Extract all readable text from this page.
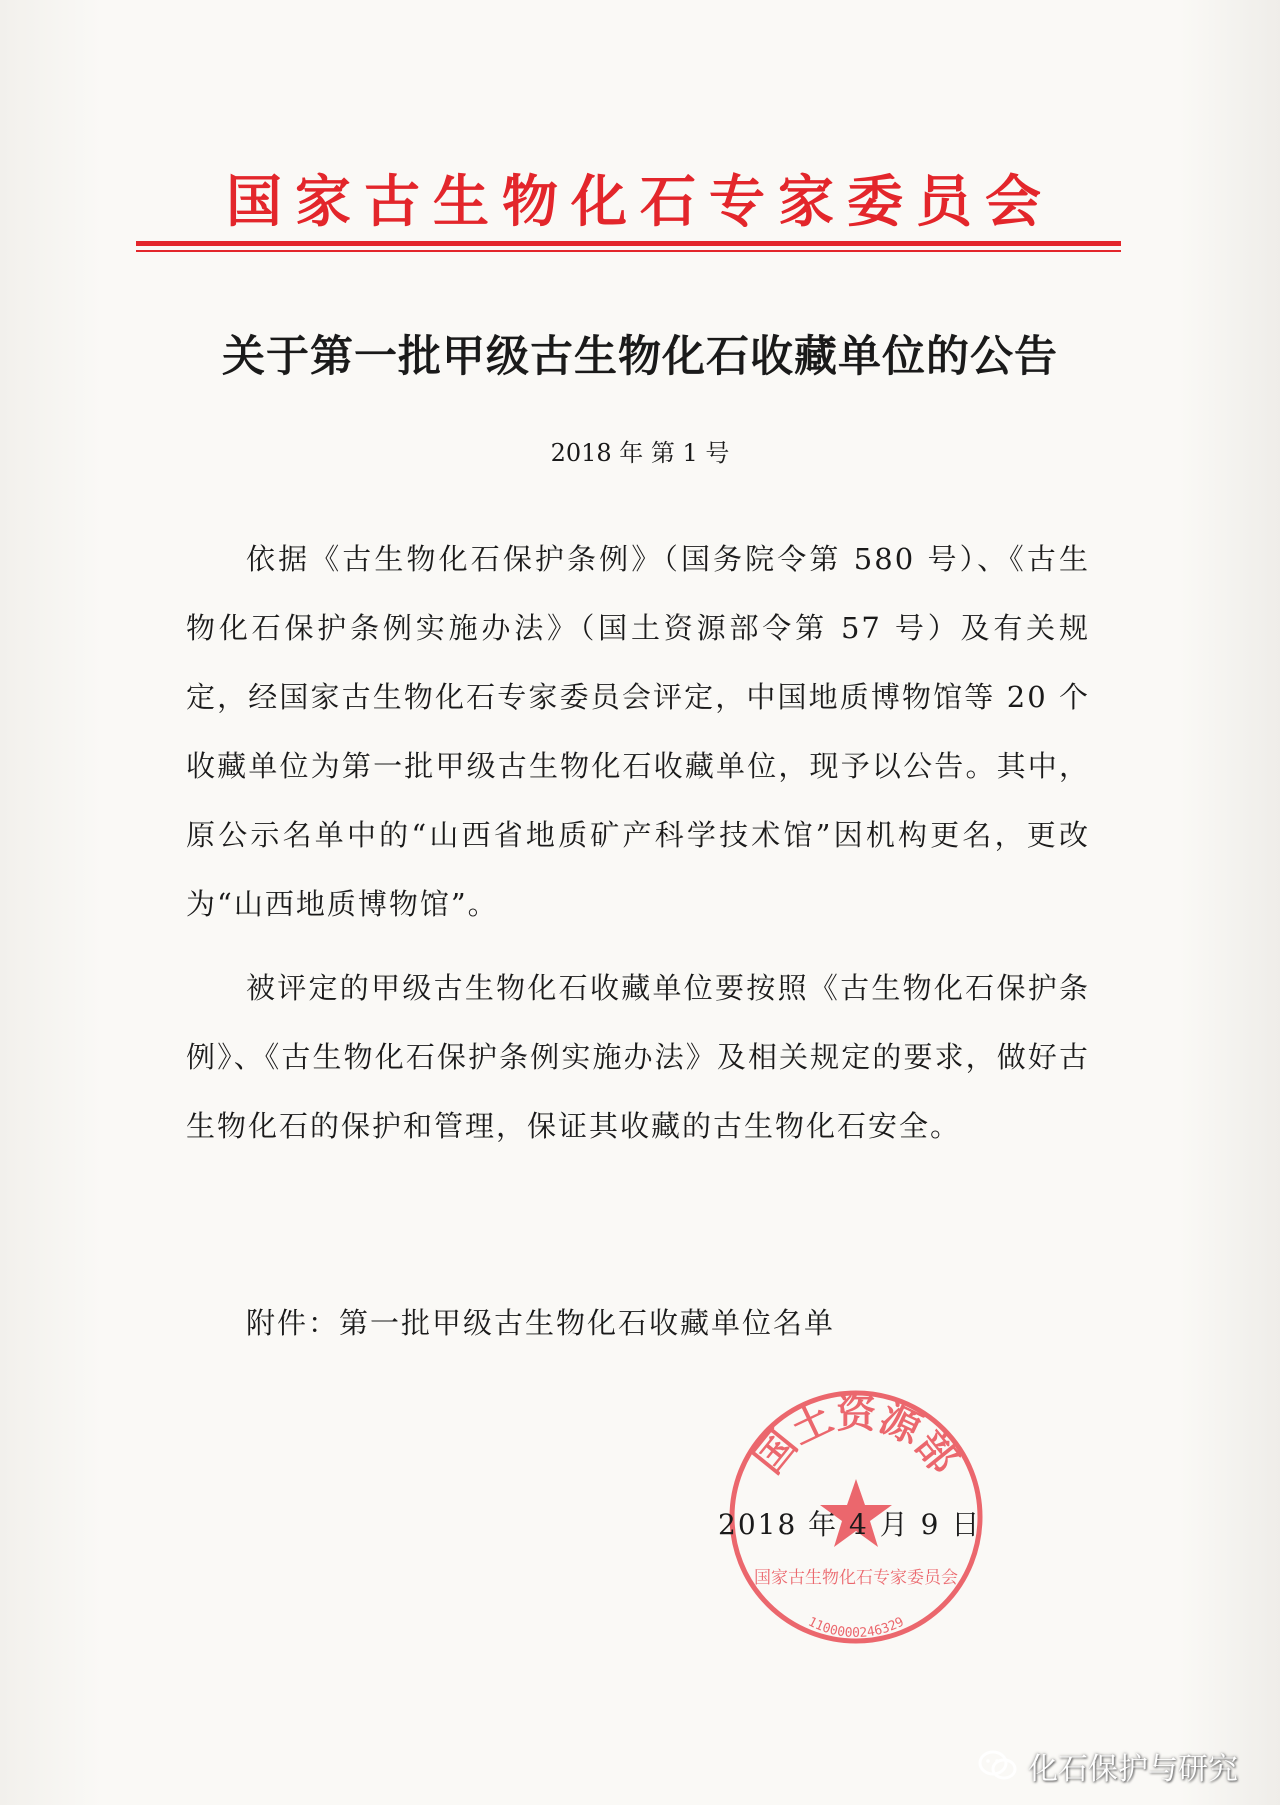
国家古生物化石专家委员会
关于第一批甲级古生物化石收藏单位的公告
2018 年 第 1 号
依据《古生物化石保护条例》（国务院令第 580 号）、《古生物化石保护条例实施办法》（国土资源部令第 57 号）及有关规定，经国家古生物化石专家委员会评定，中国地质博物馆等 20 个收藏单位为第一批甲级古生物化石收藏单位，现予以公告。其中，原公示名单中的“山西省地质矿产科学技术馆”因机构更名，更改为“山西地质博物馆”。
被评定的甲级古生物化石收藏单位要按照《古生物化石保护条例》、《古生物化石保护条例实施办法》及相关规定的要求，做好古生物化石的保护和管理，保证其收藏的古生物化石安全。
附件：第一批甲级古生物化石收藏单位名单
国土资源部
国家古生物化石专家委员会
1100000246329
2018 年 4 月 9 日
化石保护与研究
